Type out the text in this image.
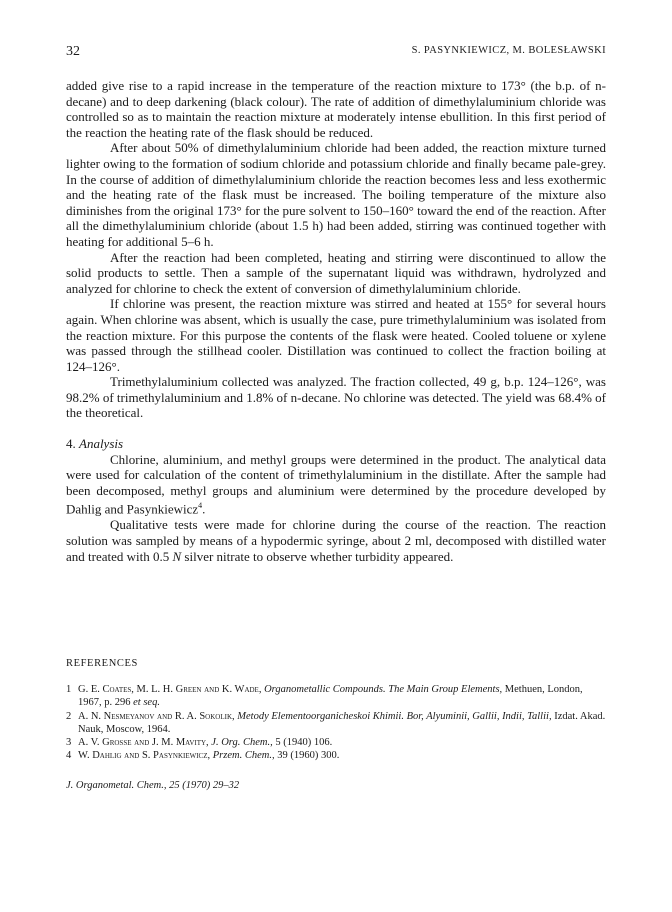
32	S. PASYNKIEWICZ, M. BOLESŁAWSKI

added give rise to a rapid increase in the temperature of the reaction mixture to 173° (the b.p. of n-decane) and to deep darkening (black colour). The rate of addition of dimethylaluminium chloride was controlled so as to maintain the reaction mixture at moderately intense ebullition. In this first period of the reaction the heating rate of the flask should be reduced.

After about 50% of dimethylaluminium chloride had been added, the reaction mixture turned lighter owing to the formation of sodium chloride and potassium chloride and finally became pale-grey. In the course of addition of dimethylaluminium chloride the reaction becomes less and less exothermic and the heating rate of the flask must be increased. The boiling temperature of the mixture also diminishes from the original 173° for the pure solvent to 150–160° toward the end of the reaction. After all the dimethylaluminium chloride (about 1.5 h) had been added, stirring was continued together with heating for additional 5–6 h.

After the reaction had been completed, heating and stirring were discontinued to allow the solid products to settle. Then a sample of the supernatant liquid was withdrawn, hydrolyzed and analyzed for chlorine to check the extent of conversion of dimethylaluminium chloride.

If chlorine was present, the reaction mixture was stirred and heated at 155° for several hours again. When chlorine was absent, which is usually the case, pure trimethylaluminium was isolated from the reaction mixture. For this purpose the contents of the flask were heated. Cooled toluene or xylene was passed through the stillhead cooler. Distillation was continued to collect the fraction boiling at 124–126°.

Trimethylaluminium collected was analyzed. The fraction collected, 49 g, b.p. 124–126°, was 98.2% of trimethylaluminium and 1.8% of n-decane. No chlorine was detected. The yield was 68.4% of the theoretical.

4. Analysis

Chlorine, aluminium, and methyl groups were determined in the product. The analytical data were used for calculation of the content of trimethylaluminium in the distillate. After the sample had been decomposed, methyl groups and aluminium were determined by the procedure developed by Dahlig and Pasynkiewicz$^4$.

Qualitative tests were made for chlorine during the course of the reaction. The reaction solution was sampled by means of a hypodermic syringe, about 2 ml, decomposed with distilled water and treated with 0.5 N silver nitrate to observe whether turbidity appeared.

REFERENCES
1 G. E. Coates, M. L. H. Green and K. Wade, Organometallic Compounds. The Main Group Elements, Methuen, London, 1967, p. 296 et seq.
2 A. N. Nesmeyanov and R. A. Sokolik, Metody Elementoorganicheskoi Khimii. Bor, Alyuminii, Gallii, Indii, Tallii, Izdat. Akad. Nauk, Moscow, 1964.
3 A. V. Grosse and J. M. Mavity, J. Org. Chem., 5 (1940) 106.
4 W. Dahlig and S. Pasynkiewicz, Przem. Chem., 39 (1960) 300.
J. Organometal. Chem., 25 (1970) 29–32
